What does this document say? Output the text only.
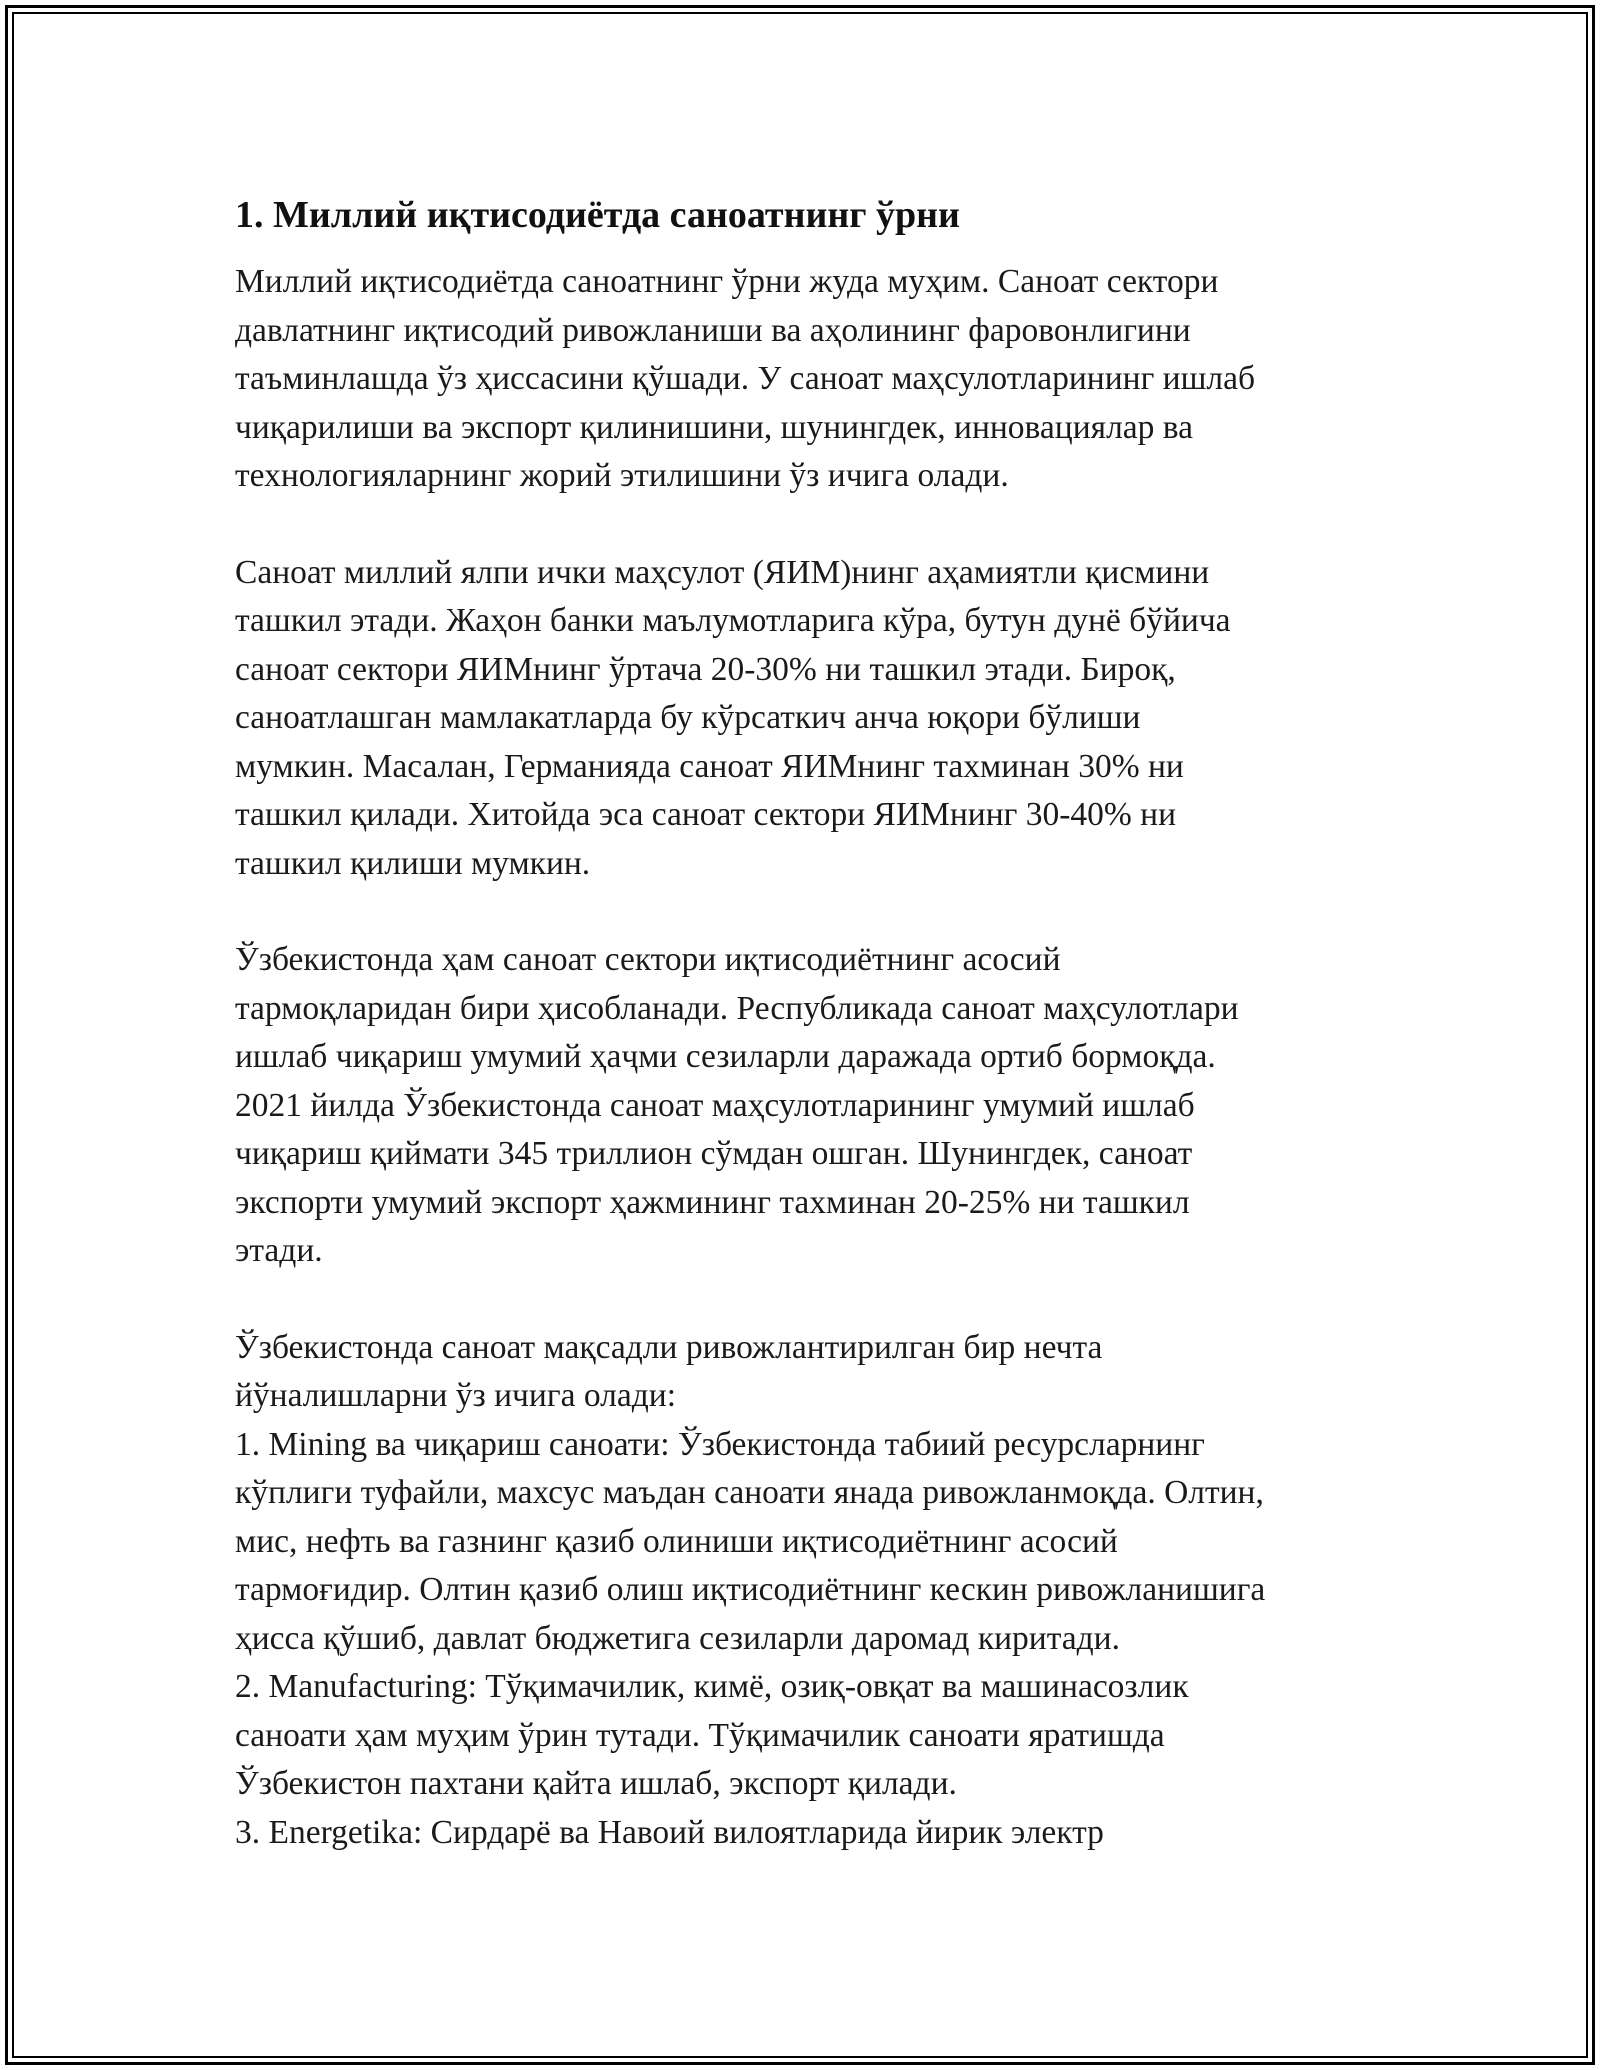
1. Миллий иқтисодиётда саноатнинг ўрни

Миллий иқтисодиётда саноатнинг ўрни жуда муҳим. Саноат сектори
давлатнинг иқтисодий ривожланиши ва аҳолининг фаровонлигини
таъминлашда ўз ҳиссасини қўшади. У саноат маҳсулотларининг ишлаб
чиқарилиши ва экспорт қилинишини, шунингдек, инновациялар ва
технологияларнинг жорий этилишини ўз ичига олади.

Саноат миллий ялпи ички маҳсулот (ЯИМ)нинг аҳамиятли қисмини
ташкил этади. Жаҳон банки маълумотларига кўра, бутун дунё бўйича
саноат сектори ЯИМнинг ўртача 20-30% ни ташкил этади. Бироқ,
саноатлашган мамлакатларда бу кўрсаткич анча юқори бўлиши
мумкин. Масалан, Германияда саноат ЯИМнинг тахминан 30% ни
ташкил қилади. Хитойда эса саноат сектори ЯИМнинг 30-40% ни
ташкил қилиши мумкин.

Ўзбекистонда ҳам саноат сектори иқтисодиётнинг асосий
тармоқларидан бири ҳисобланади. Республикада саноат маҳсулотлари
ишлаб чиқариш умумий ҳаҷми сезиларли даражада ортиб бормоқда.
2021 йилда Ўзбекистонда саноат маҳсулотларининг умумий ишлаб
чиқариш қиймати 345 триллион сўмдан ошган. Шунингдек, саноат
экспорти умумий экспорт ҳажмининг тахминан 20-25% ни ташкил
этади.

Ўзбекистонда саноат мақсадли ривожлантирилган бир нечта
йўналишларни ўз ичига олади:
1. Mining ва чиқариш саноати: Ўзбекистонда табиий ресурсларнинг
кўплиги туфайли, махсус маъдан саноати янада ривожланмоқда. Олтин,
мис, нефть ва газнинг қазиб олиниши иқтисодиётнинг асосий
тармоғидир. Олтин қазиб олиш иқтисодиётнинг кескин ривожланишига
ҳисса қўшиб, давлат бюджетига сезиларли даромад киритади.
2. Manufacturing: Тўқимачилик, кимё, озиқ-овқат ва машинасозлик
саноати ҳам муҳим ўрин тутади. Тўқимачилик саноати яратишда
Ўзбекистон пахтани қайта ишлаб, экспорт қилади.
3. Energetika: Сирдарё ва Навоий вилоятларида йирик электр
